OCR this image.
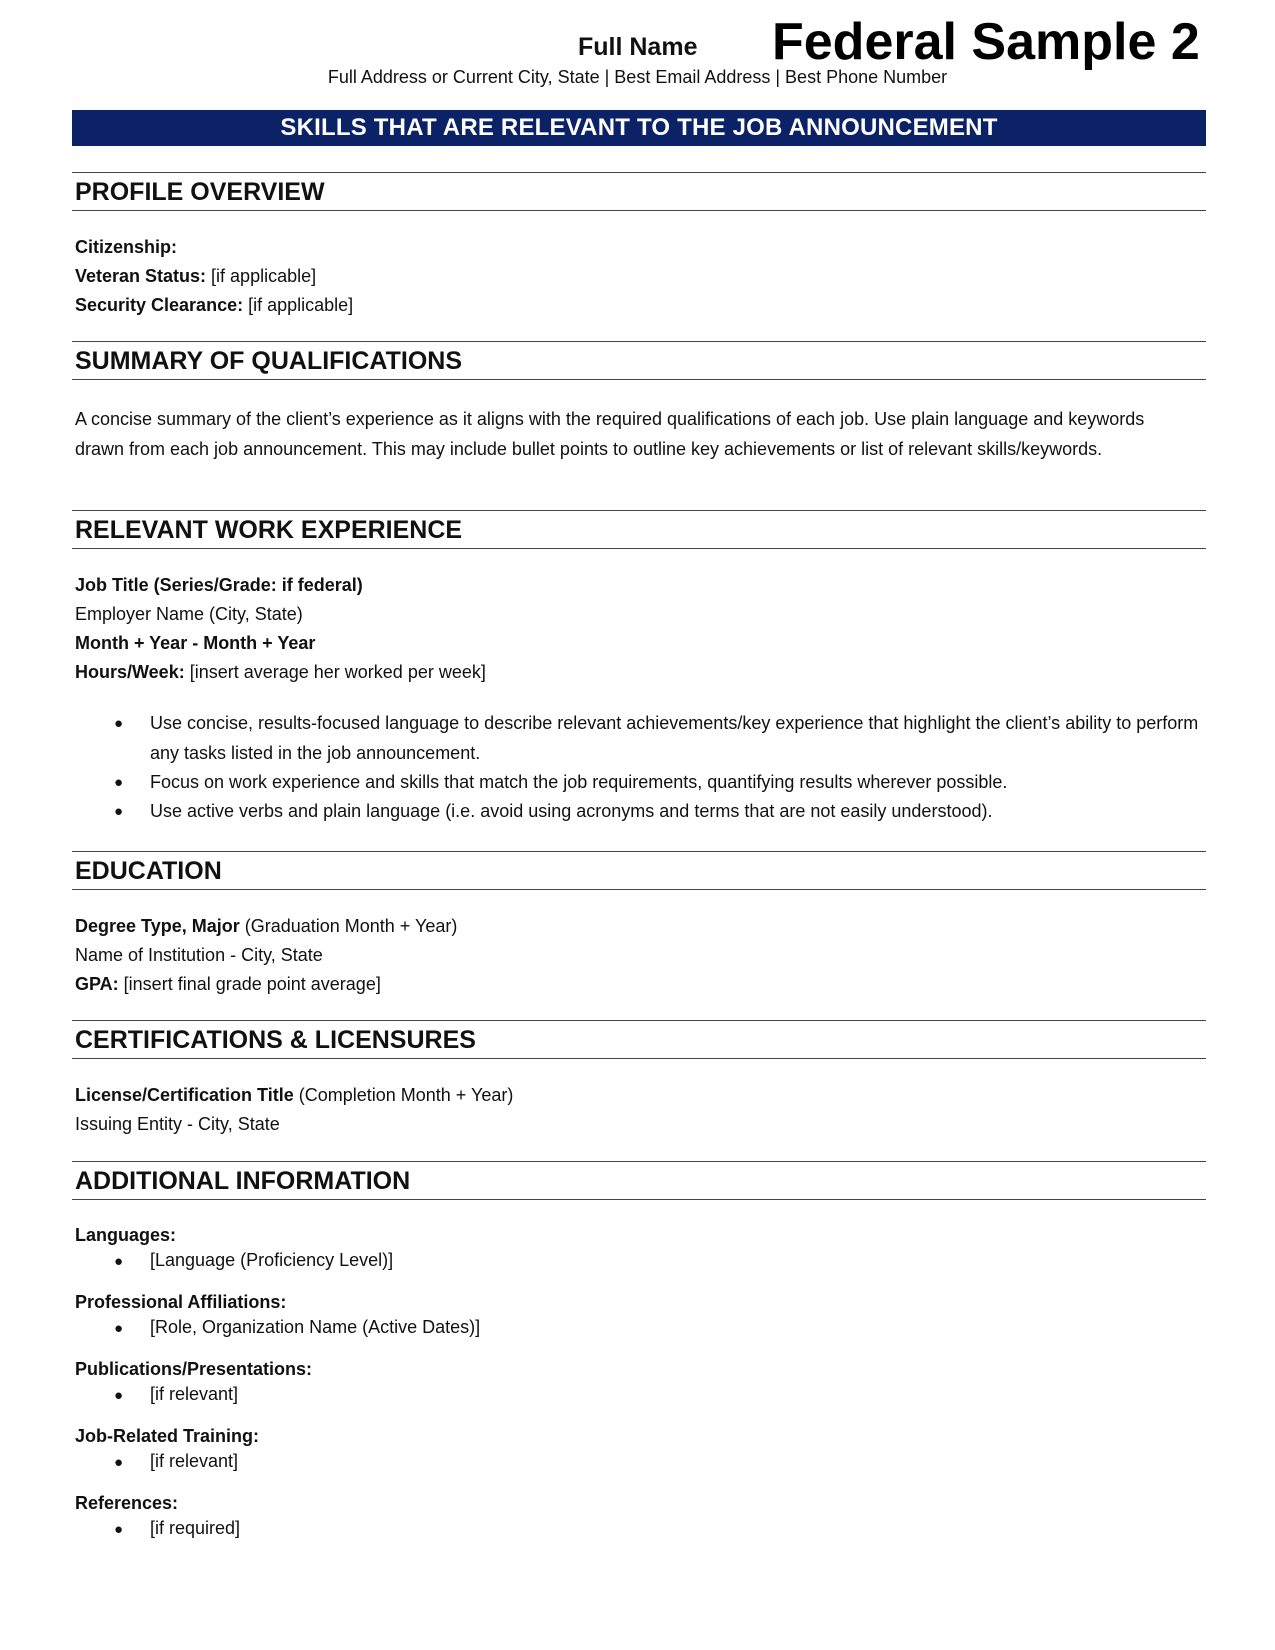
Full Name Federal Sample 2
Full Address or Current City, State | Best Email Address | Best Phone Number
SKILLS THAT ARE RELEVANT TO THE JOB ANNOUNCEMENT
PROFILE OVERVIEW
Citizenship:
Veteran Status: [if applicable]
Security Clearance: [if applicable]
SUMMARY OF QUALIFICATIONS
A concise summary of the client’s experience as it aligns with the required qualifications of each job. Use plain language and keywords drawn from each job announcement. This may include bullet points to outline key achievements or list of relevant skills/keywords.
RELEVANT WORK EXPERIENCE
Job Title (Series/Grade: if federal)
Employer Name (City, State)
Month + Year - Month + Year
Hours/Week: [insert average her worked per week]
● Use concise, results-focused language to describe relevant achievements/key experience that highlight the client’s ability to perform any tasks listed in the job announcement.
● Focus on work experience and skills that match the job requirements, quantifying results wherever possible.
● Use active verbs and plain language (i.e. avoid using acronyms and terms that are not easily understood).
EDUCATION
Degree Type, Major (Graduation Month + Year)
Name of Institution - City, State
GPA: [insert final grade point average]
CERTIFICATIONS & LICENSURES
License/Certification Title (Completion Month + Year)
Issuing Entity - City, State
ADDITIONAL INFORMATION
Languages:
● [Language (Proficiency Level)]
Professional Affiliations:
● [Role, Organization Name (Active Dates)]
Publications/Presentations:
● [if relevant]
Job-Related Training:
● [if relevant]
References:
● [if required]
